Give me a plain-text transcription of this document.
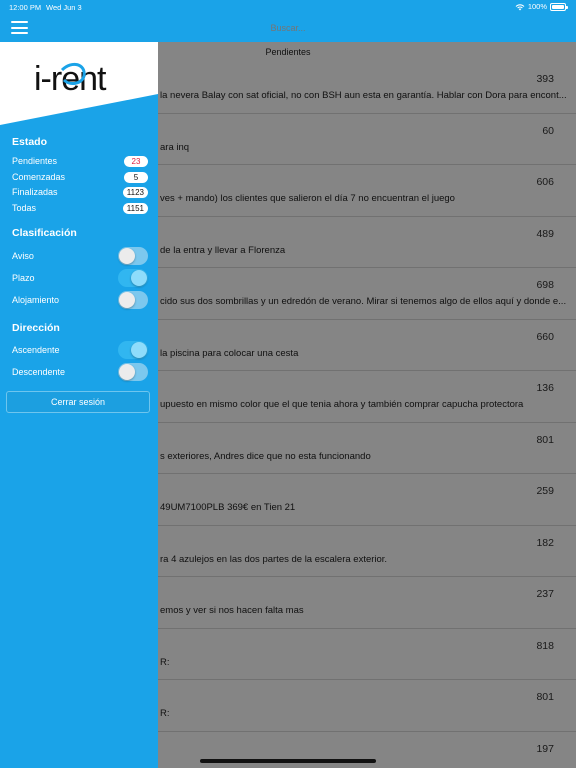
12:00 PM Wed Jun 3	100%
Buscar...
Pendientes
393
la nevera Balay con sat oficial, no con BSH aun esta en garantía. Hablar con Dora para encont...
60
ara inq
606
ves + mando) los clientes que salieron el día 7 no encuentran el juego
489
de la entra y llevar a Florenza
698
cido sus dos sombrillas y un edredón de verano. Mirar si tenemos algo de ellos aquí y donde e...
660
la piscina para colocar una cesta
136
upuesto en mismo color que el que tenia ahora y también comprar capucha protectora
801
s exteriores, Andres dice que no esta funcionando
259
49UM7100PLB 369€ en Tien 21
182
ra 4 azulejos en las dos partes de la escalera exterior.
237
emos y ver si nos hacen falta mas
818
R:
801
R:
197
i-rent
Estado
Pendientes	23
Comenzadas	5
Finalizadas	1123
Todas	1151
Clasificación
Aviso
Plazo
Alojamiento
Dirección
Ascendente
Descendente
Cerrar sesión
